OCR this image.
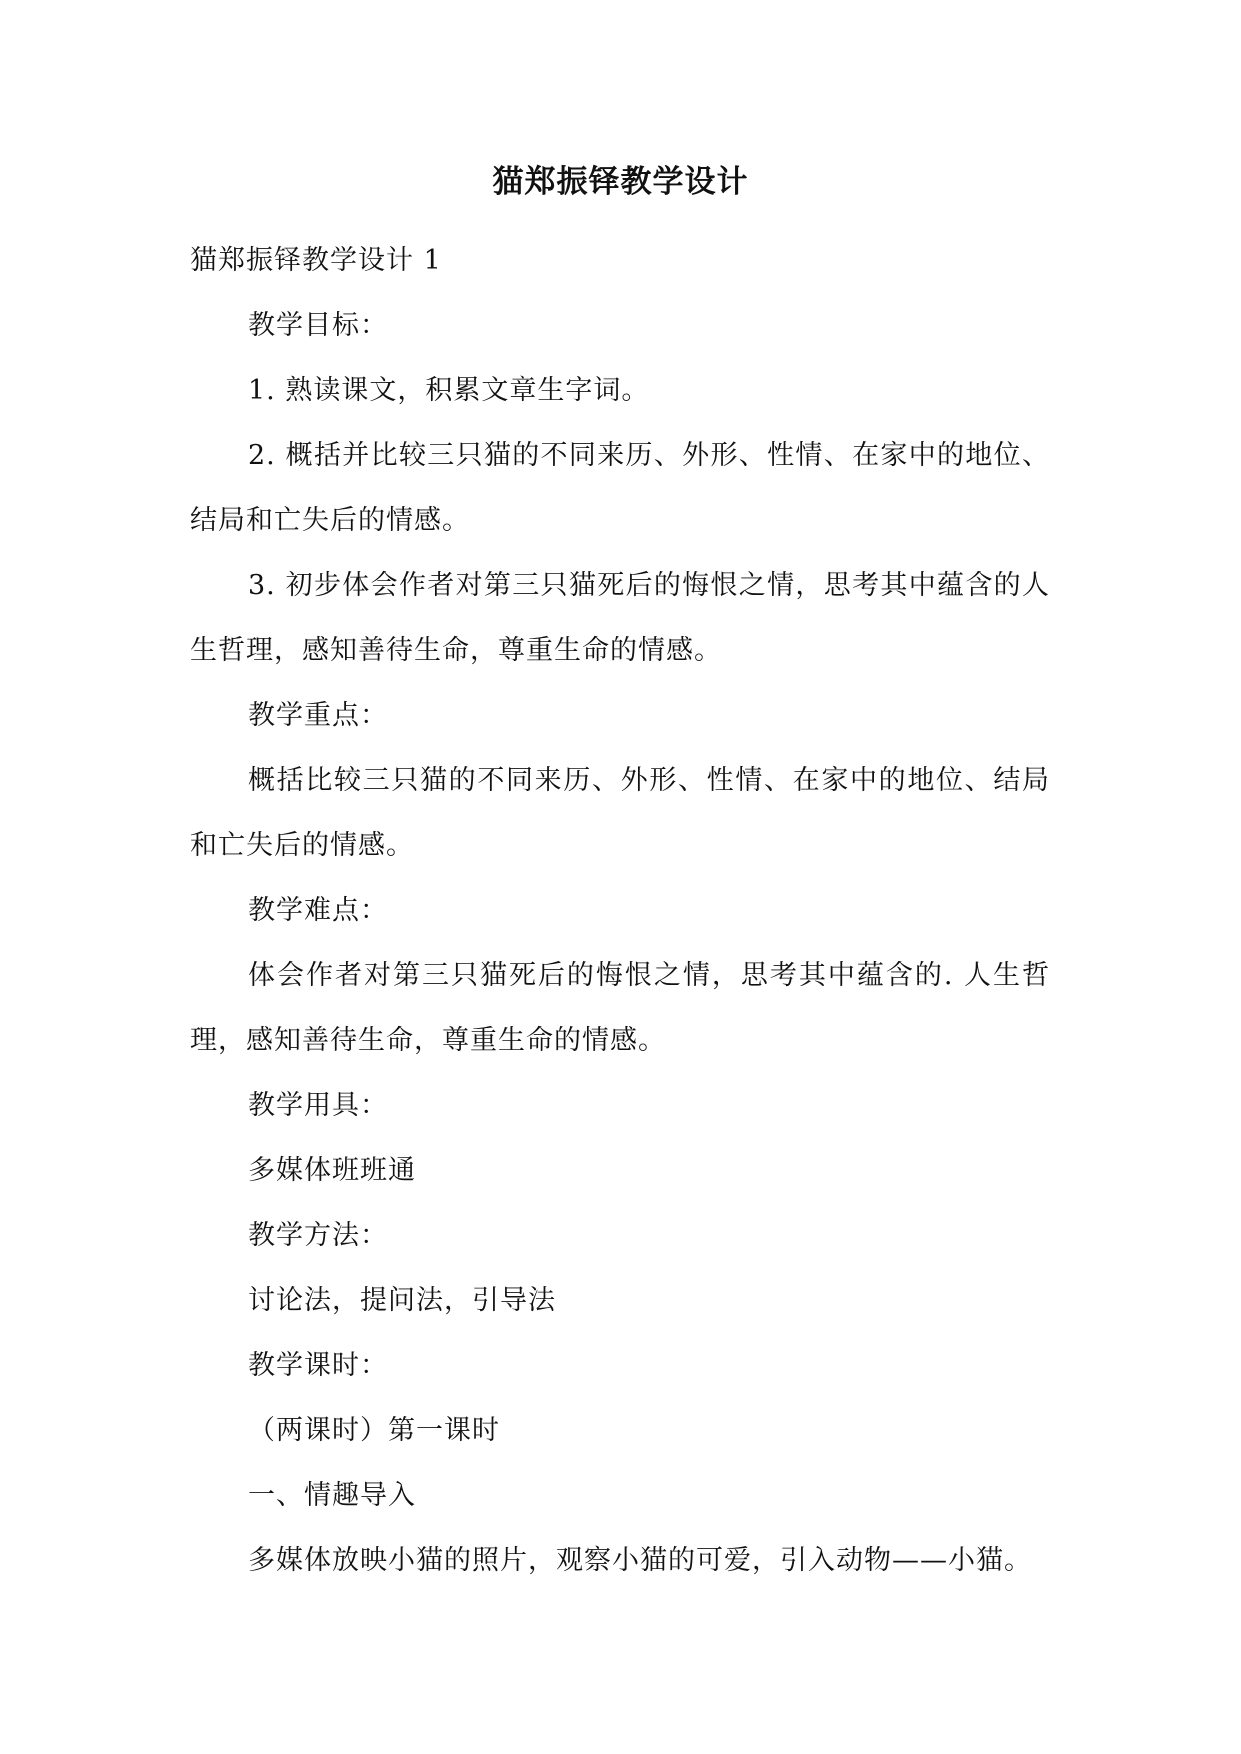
猫郑振铎教学设计

猫郑振铎教学设计 1

教学目标：

1. 熟读课文，积累文章生字词。

2. 概括并比较三只猫的不同来历、外形、性情、在家中的地位、结局和亡失后的情感。

3. 初步体会作者对第三只猫死后的悔恨之情，思考其中蕴含的人生哲理，感知善待生命，尊重生命的情感。

教学重点：

概括比较三只猫的不同来历、外形、性情、在家中的地位、结局和亡失后的情感。

教学难点：

体会作者对第三只猫死后的悔恨之情，思考其中蕴含的. 人生哲理，感知善待生命，尊重生命的情感。

教学用具：

多媒体班班通

教学方法：

讨论法，提问法，引导法

教学课时：

（两课时）第一课时

一、情趣导入

多媒体放映小猫的照片，观察小猫的可爱，引入动物——小猫。
